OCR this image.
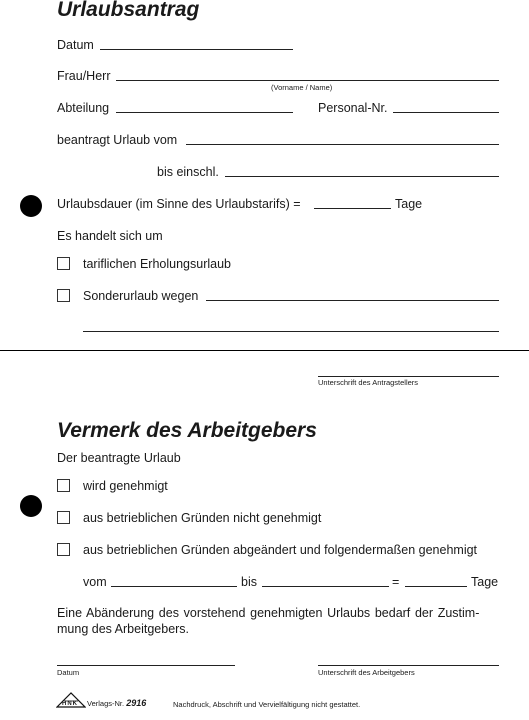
Urlaubsantrag
Datum
Frau/Herr
(Vorname / Name)
Abteilung	Personal-Nr.
beantragt Urlaub vom
bis einschl.
Urlaubsdauer (im Sinne des Urlaubstarifs) =	Tage
Es handelt sich um
tariflichen Erholungsurlaub
Sonderurlaub wegen
Unterschrift des Antragstellers
Vermerk des Arbeitgebers
Der beantragte Urlaub
wird genehmigt
aus betrieblichen Gründen nicht genehmigt
aus betrieblichen Gründen abgeändert und folgendermaßen genehmigt
vom	bis	=	Tage
Eine Abänderung des vorstehend genehmigten Urlaubs bedarf der Zustim-
mung des Arbeitgebers.
Datum	Unterschrift des Arbeitgebers
HNK Verlags-Nr. 2916	Nachdruck, Abschrift und Vervielfältigung nicht gestattet.
